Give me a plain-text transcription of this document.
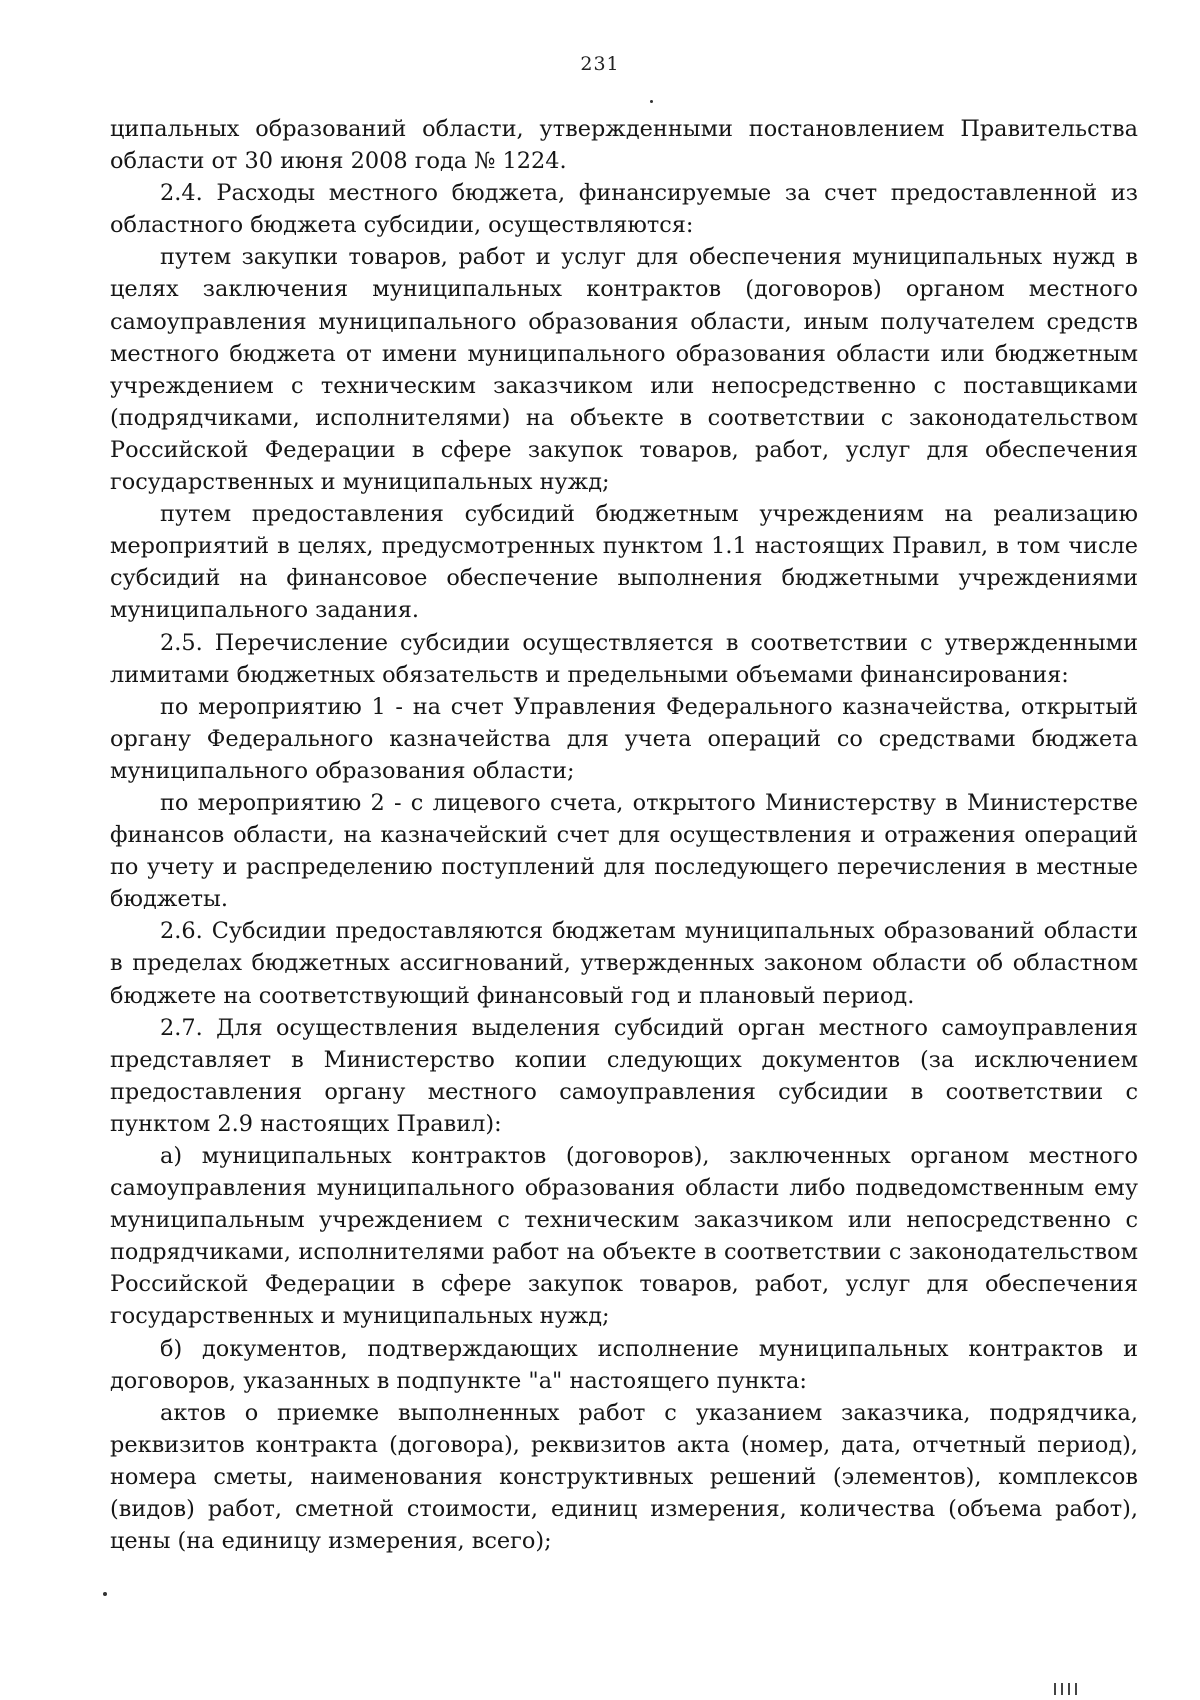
231

ципальных образований области, утвержденными постановлением Правительства области от 30 июня 2008 года № 1224.

2.4. Расходы местного бюджета, финансируемые за счет предоставленной из областного бюджета субсидии, осуществляются:

путем закупки товаров, работ и услуг для обеспечения муниципальных нужд в целях заключения муниципальных контрактов (договоров) органом местного самоуправления муниципального образования области, иным получателем средств местного бюджета от имени муниципального образования области или бюджетным учреждением с техническим заказчиком или непосредственно с поставщиками (подрядчиками, исполнителями) на объекте в соответствии с законодательством Российской Федерации в сфере закупок товаров, работ, услуг для обеспечения государственных и муниципальных нужд;

путем предоставления субсидий бюджетным учреждениям на реализацию мероприятий в целях, предусмотренных пунктом 1.1 настоящих Правил, в том числе субсидий на финансовое обеспечение выполнения бюджетными учреждениями муниципального задания.

2.5. Перечисление субсидии осуществляется в соответствии с утвержденными лимитами бюджетных обязательств и предельными объемами финансирования:

по мероприятию 1 - на счет Управления Федерального казначейства, открытый органу Федерального казначейства для учета операций со средствами бюджета муниципального образования области;

по мероприятию 2 - с лицевого счета, открытого Министерству в Министерстве финансов области, на казначейский счет для осуществления и отражения операций по учету и распределению поступлений для последующего перечисления в местные бюджеты.

2.6. Субсидии предоставляются бюджетам муниципальных образований области в пределах бюджетных ассигнований, утвержденных законом области об областном бюджете на соответствующий финансовый год и плановый период.

2.7. Для осуществления выделения субсидий орган местного самоуправления представляет в Министерство копии следующих документов (за исключением предоставления органу местного самоуправления субсидии в соответствии с пунктом 2.9 настоящих Правил):

а) муниципальных контрактов (договоров), заключенных органом местного самоуправления муниципального образования области либо подведомственным ему муниципальным учреждением с техническим заказчиком или непосредственно с подрядчиками, исполнителями работ на объекте в соответствии с законодательством Российской Федерации в сфере закупок товаров, работ, услуг для обеспечения государственных и муниципальных нужд;

б) документов, подтверждающих исполнение муниципальных контрактов и договоров, указанных в подпункте "а" настоящего пункта:

актов о приемке выполненных работ с указанием заказчика, подрядчика, реквизитов контракта (договора), реквизитов акта (номер, дата, отчетный период), номера сметы, наименования конструктивных решений (элементов), комплексов (видов) работ, сметной стоимости, единиц измерения, количества (объема работ), цены (на единицу измерения, всего);
